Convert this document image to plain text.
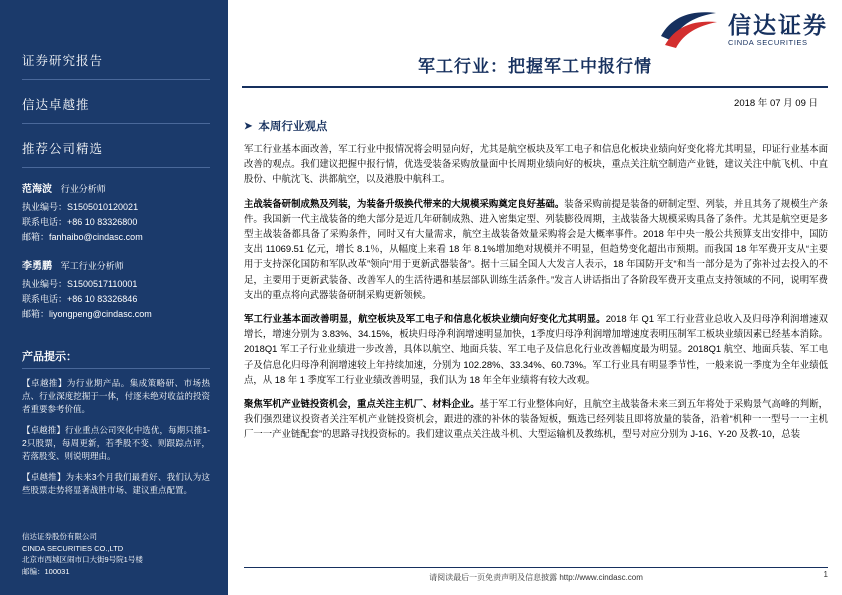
证券研究报告
信达卓越推
推荐公司精选
范海波 行业分析师
执业编号：S1505010120021
联系电话：+86 10 83326800
邮箱：fanhaibo@cindasc.com
李勇鹏 军工行业分析师
执业编号：S1500517110001
联系电话：+86 10 83326846
邮箱：liyongpeng@cindasc.com
产品提示：
【卓越推】为行业期产品。集成策略研、市场热点、行业深度挖掘于一体，付逐未绝对收益的投资者重要参考价值。
【卓越推】行业重点公司突化中选优，每期只推1-2只股票，每周更新，若季股不变、则跟踪点评，若落股变、则说明理由。
【卓越推】为未来3个月我们最看好、我们认为这些股票走势将显著战胜市场、建议重点配置。
信达证券股份有限公司
CINDA SECURITIES CO.,LTD
北京市西城区闹市口大街9号院1号楼
邮编：100031
信达证券
CINDA SECURITIES
军工行业：把握军工中报行情
2018 年 07 月 09 日
➤ 本周行业观点

军工行业基本面改善，军工行业中报情况将会明显向好，尤其是航空板块及军工电子和信息化板块业绩向好变化将尤其明显，印证行业基本面改善的观点。我们建议把握中报行情，优选受装备采购放量面中长周期业绩向好的板块，重点关注航空制造产业链，建议关注中航飞机、中直股份、中航沈飞、洪都航空，以及港股中航科工。

主战装备研制成熟及列装，为装备升级换代带来的大规模采购奠定良好基础。装备采购前提是装备的研制定型、列装，并且其务了规模生产条件。我国新一代主战装备的绝大部分是近几年研制成熟、进入密集定型、列装膨役周期，主战装备大规模采购具备了条件。尤其是航空更是多型主战装备都具备了采购条件，同时又有大量需求，航空主战装备效量采购将会是大概率事件。2018 年中央一般公共预算支出安排中，国防支出 11069.51 亿元，增长 8.1％，从幅度上来看 18 年 8.1%增加绝对规模并不明显，但趋势变化超出市预期。而我国 18 年军费开支从“主要用于支持深化国防和军队改革”领向“用于更新武器装备”。据十三届全国人大发言人表示，18 年国防开支“和当一部分是为了弥补过去投入的不足，主要用于更新武装备、改善军人的生活待遇和基层部队训练生活条件。”发言人讲话指出了各阶段军费开支重点支持领域的不同，说明军费支出的重点将向武器装备研制采购更新领候。

军工行业基本面改善明显，航空板块及军工电子和信息化板块业绩向好变化尤其明显。2018 年 Q1 军工行业营业总收入及归母净利润增速双增长，增速分别为 3.83%、34.15%，板块归母净利润增速明显加快，1季度归母净利润增加增速度表明压制军工板块业绩因素已经基本消除。2018Q1 军工子行业业绩进一步改善，具体以航空、地面兵装、军工电子及信息化行业改善幅度最为明显。2018Q1 航空、地面兵装、军工电子及信息化归母净利润增速较上年持续加速，分别为 102.28%、33.34%、60.73%。军工行业具有明显季节性，一般来说一季度为全年业绩低点，从 18 年 1 季度军工行业业绩改善明显，我们认为 18 年全年业绩将有较大改观。

聚焦军机产业链投资机会，重点关注主机厂、材料企业。基于军工行业整体向好，且航空主战装备未来三到五年将处于采购景气高峰的判断，我们强烈建议投资者关注军机产业链投资机会，跟进的涨的补休的装备短板，甄选已经列装且即将放量的装备，沿着“机种一一型号一一主机厂一一产业链配套”的思路寻找投资标的。我们建议重点关注战斗机、大型运输机及教练机，型号对应分别为 J-16、Y-20 及教-10，总装

请阅读最后一页免责声明及信息披露 http://www.cindasc.com	1
